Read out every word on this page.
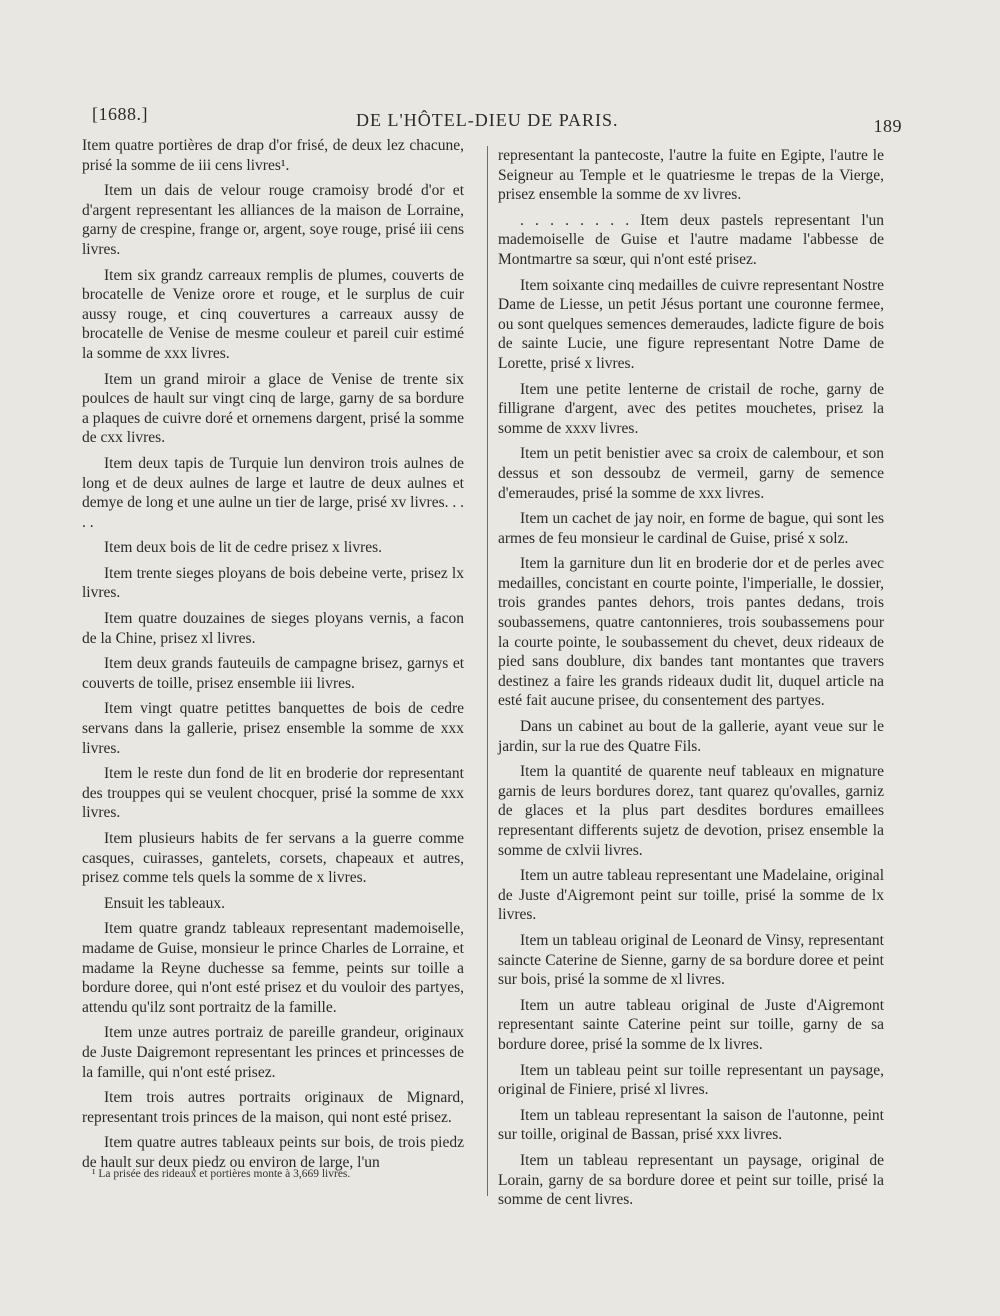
[1688.]	DE L'HÔTEL-DIEU DE PARIS.	189

Item quatre portières de drap d'or frisé, de deux lez chacune, prisé la somme de iii cens livres¹.

Item un dais de velour rouge cramoisy brodé d'or et d'argent representant les alliances de la maison de Lorraine, garny de crespine, frange or, argent, soye rouge, prisé iii cens livres.

Item six grandz carreaux remplis de plumes, couverts de brocatelle de Venize orore et rouge, et le surplus de cuir aussy rouge, et cinq couvertures a carreaux aussy de brocatelle de Venise de mesme couleur et pareil cuir estimé la somme de xxx livres.

Item un grand miroir a glace de Venise de trente six poulces de hault sur vingt cinq de large, garny de sa bordure a plaques de cuivre doré et ornemens dargent, prisé la somme de cxx livres.

Item deux tapis de Turquie lun denviron trois aulnes de long et de deux aulnes de large et lautre de deux aulnes et demye de long et une aulne un tier de large, prisé xv livres. . . . .

Item deux bois de lit de cedre prisez x livres.

Item trente sieges ployans de bois debeine verte, prisez lx livres.

Item quatre douzaines de sieges ployans vernis, a facon de la Chine, prisez xl livres.

Item deux grands fauteuils de campagne brisez, garnys et couverts de toille, prisez ensemble iii livres.

Item vingt quatre petittes banquettes de bois de cedre servans dans la gallerie, prisez ensemble la somme de xxx livres.

Item le reste dun fond de lit en broderie dor representant des trouppes qui se veulent chocquer, prisé la somme de xxx livres.

Item plusieurs habits de fer servans a la guerre comme casques, cuirasses, gantelets, corsets, chapeaux et autres, prisez comme tels quels la somme de x livres.

Ensuit les tableaux.

Item quatre grandz tableaux representant mademoiselle, madame de Guise, monsieur le prince Charles de Lorraine, et madame la Reyne duchesse sa femme, peints sur toille a bordure doree, qui n'ont esté prisez et du vouloir des partyes, attendu qu'ilz sont portraitz de la famille.

Item unze autres portraiz de pareille grandeur, originaux de Juste Daigremont representant les princes et princesses de la famille, qui n'ont esté prisez.

Item trois autres portraits originaux de Mignard, representant trois princes de la maison, qui nont esté prisez.

Item quatre autres tableaux peints sur bois, de trois piedz de hault sur deux piedz ou environ de large, l'un

representant la pantecoste, l'autre la fuite en Egipte, l'autre le Seigneur au Temple et le quatriesme le trepas de la Vierge, prisez ensemble la somme de xv livres.

. . . . . . . . Item deux pastels representant l'un mademoiselle de Guise et l'autre madame l'abbesse de Montmartre sa sœur, qui n'ont esté prisez.

Item soixante cinq medailles de cuivre representant Nostre Dame de Liesse, un petit Jésus portant une couronne fermee, ou sont quelques semences demeraudes, ladicte figure de bois de sainte Lucie, une figure representant Notre Dame de Lorette, prisé x livres.

Item une petite lenterne de cristail de roche, garny de filligrane d'argent, avec des petites mouchetes, prisez la somme de xxxv livres.

Item un petit benistier avec sa croix de calembour, et son dessus et son dessoubz de vermeil, garny de semence d'emeraudes, prisé la somme de xxx livres.

Item un cachet de jay noir, en forme de bague, qui sont les armes de feu monsieur le cardinal de Guise, prisé x solz.

Item la garniture dun lit en broderie dor et de perles avec medailles, concistant en courte pointe, l'imperialle, le dossier, trois grandes pantes dehors, trois pantes dedans, trois soubassemens, quatre cantonnieres, trois soubassemens pour la courte pointe, le soubassement du chevet, deux rideaux de pied sans doublure, dix bandes tant montantes que travers destinez a faire les grands rideaux dudit lit, duquel article na esté fait aucune prisee, du consentement des partyes.

Dans un cabinet au bout de la gallerie, ayant veue sur le jardin, sur la rue des Quatre Fils.

Item la quantité de quarente neuf tableaux en mignature garnis de leurs bordures dorez, tant quarez qu'ovalles, garniz de glaces et la plus part desdites bordures emaillees representant differents sujetz de devotion, prisez ensemble la somme de cxlvii livres.

Item un autre tableau representant une Madelaine, original de Juste d'Aigremont peint sur toille, prisé la somme de lx livres.

Item un tableau original de Leonard de Vinsy, representant saincte Caterine de Sienne, garny de sa bordure doree et peint sur bois, prisé la somme de xl livres.

Item un autre tableau original de Juste d'Aigremont representant sainte Caterine peint sur toille, garny de sa bordure doree, prisé la somme de lx livres.

Item un tableau peint sur toille representant un paysage, original de Finiere, prisé xl livres.

Item un tableau representant la saison de l'autonne, peint sur toille, original de Bassan, prisé xxx livres.

Item un tableau representant un paysage, original de Lorain, garny de sa bordure doree et peint sur toille, prisé la somme de cent livres.

¹ La prisée des rideaux et portières monte à 3,669 livres.
